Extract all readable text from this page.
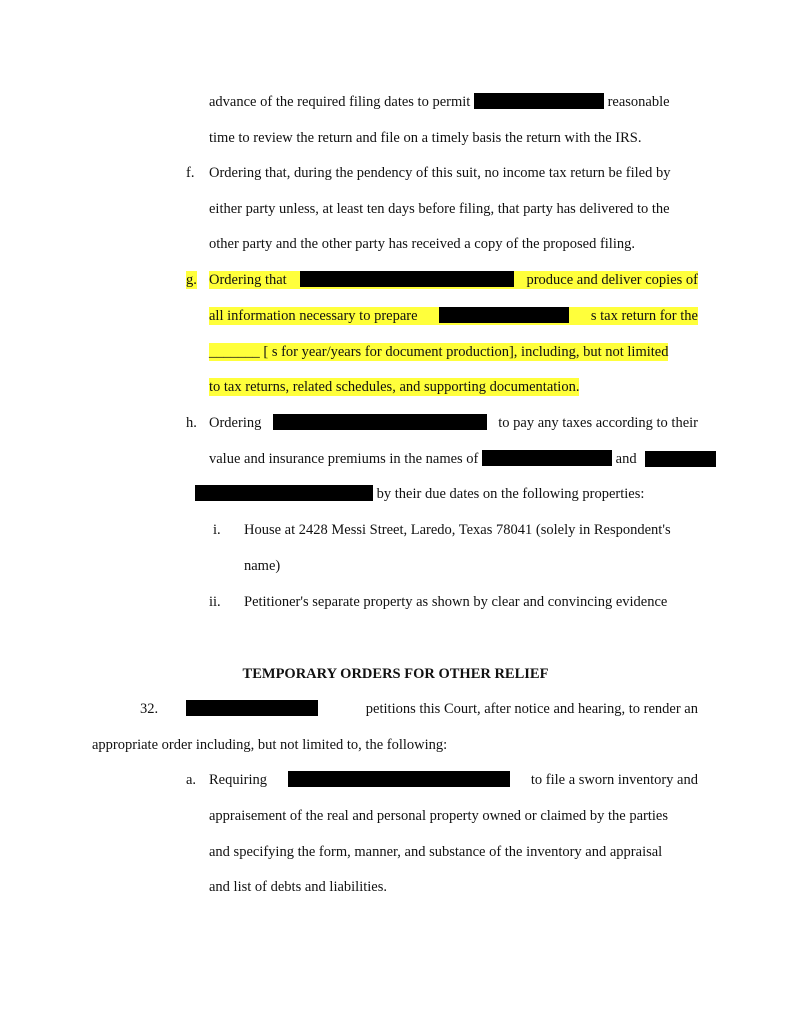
advance of the required filing dates to permit	reasonable
time to review the return and file on a timely basis the return with the IRS.
f. Ordering that, during the pendency of this suit, no income tax return be filed by
either party unless, at least ten days before filing, that party has delivered to the
other party and the other party has received a copy of the proposed filing.
g. Ordering that	produce and deliver copies of
all information necessary to prepare	s tax return for the
_______ [ s for year/years for document production], including, but not limited
to tax returns, related schedules, and supporting documentation.
h. Ordering	to pay any taxes according to their
value and insurance premiums in the names of	and
by their due dates on the following properties:
i. House at 2428 Messi Street, Laredo, Texas 78041 (solely in Respondent's
name)
ii. Petitioner's separate property as shown by clear and convincing evidence
TEMPORARY ORDERS FOR OTHER RELIEF
32.	petitions this Court, after notice and hearing, to render an
appropriate order including, but not limited to, the following:
a. Requiring	to file a sworn inventory and
appraisement of the real and personal property owned or claimed by the parties
and specifying the form, manner, and substance of the inventory and appraisal
and list of debts and liabilities.
